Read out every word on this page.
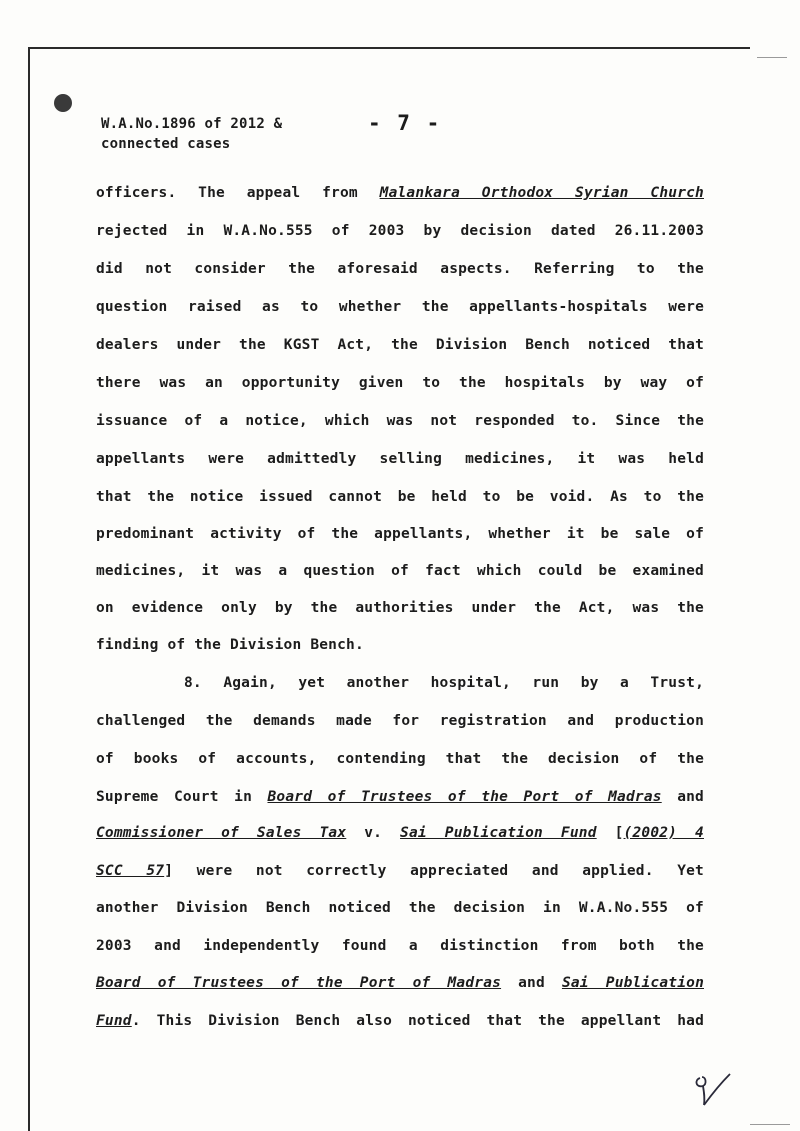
W.A.No.1896 of 2012 &
connected cases
- 7 -
officers. The appeal from Malankara Orthodox Syrian Church
rejected in W.A.No.555 of 2003 by decision dated 26.11.2003
did not consider the aforesaid aspects. Referring to the
question raised as to whether the appellants-hospitals were
dealers under the KGST Act, the Division Bench noticed that
there was an opportunity given to the hospitals by way of
issuance of a notice, which was not responded to. Since the
appellants were admittedly selling medicines, it was held
that the notice issued cannot be held to be void. As to the
predominant activity of the appellants, whether it be sale of
medicines, it was a question of fact which could be examined
on evidence only by the authorities under the Act, was the
finding of the Division Bench.
8. Again, yet another hospital, run by a Trust,
challenged the demands made for registration and production
of books of accounts, contending that the decision of the
Supreme Court in Board of Trustees of the Port of Madras and
Commissioner of Sales Tax v. Sai Publication Fund [(2002) 4
SCC 57] were not correctly appreciated and applied. Yet
another Division Bench noticed the decision in W.A.No.555 of
2003 and independently found a distinction from both the
Board of Trustees of the Port of Madras and Sai Publication
Fund. This Division Bench also noticed that the appellant had
